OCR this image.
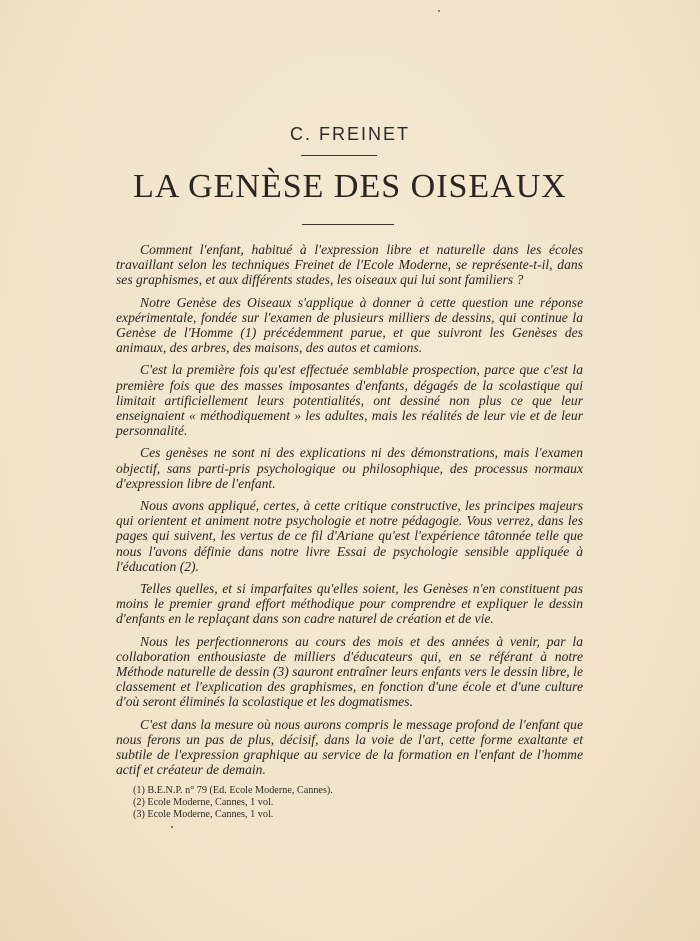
C. FREINET
LA GENÈSE DES OISEAUX

Comment l'enfant, habitué à l'expression libre et naturelle dans les écoles travaillant selon les techniques Freinet de l'Ecole Moderne, se représente-t-il, dans ses graphismes, et aux différents stades, les oiseaux qui lui sont familiers ?

Notre Genèse des Oiseaux s'applique à donner à cette question une réponse expérimentale, fondée sur l'examen de plusieurs milliers de dessins, qui continue la Genèse de l'Homme (1) précédemment parue, et que suivront les Genèses des animaux, des arbres, des maisons, des autos et camions.

C'est la première fois qu'est effectuée semblable prospection, parce que c'est la première fois que des masses imposantes d'enfants, dégagés de la scolastique qui limitait artificiellement leurs potentialités, ont dessiné non plus ce que leur enseignaient « méthodiquement » les adultes, mais les réalités de leur vie et de leur personnalité.

Ces genèses ne sont ni des explications ni des démonstrations, mais l'examen objectif, sans parti-pris psychologique ou philosophique, des processus normaux d'expression libre de l'enfant.

Nous avons appliqué, certes, à cette critique constructive, les principes majeurs qui orientent et animent notre psychologie et notre pédagogie. Vous verrez, dans les pages qui suivent, les vertus de ce fil d'Ariane qu'est l'expérience tâtonnée telle que nous l'avons définie dans notre livre Essai de psychologie sensible appliquée à l'éducation (2).

Telles quelles, et si imparfaites qu'elles soient, les Genèses n'en constituent pas moins le premier grand effort méthodique pour comprendre et expliquer le dessin d'enfants en le replaçant dans son cadre naturel de création et de vie.

Nous les perfectionnerons au cours des mois et des années à venir, par la collaboration enthousiaste de milliers d'éducateurs qui, en se référant à notre Méthode naturelle de dessin (3) sauront entraîner leurs enfants vers le dessin libre, le classement et l'explication des graphismes, en fonction d'une école et d'une culture d'où seront éliminés la scolastique et les dogmatismes.

C'est dans la mesure où nous aurons compris le message profond de l'enfant que nous ferons un pas de plus, décisif, dans la voie de l'art, cette forme exaltante et subtile de l'expression graphique au service de la formation en l'enfant de l'homme actif et créateur de demain.

(1) B.E.N.P. n° 79 (Ed. Ecole Moderne, Cannes).
(2) Ecole Moderne, Cannes, 1 vol.
(3) Ecole Moderne, Cannes, 1 vol.
